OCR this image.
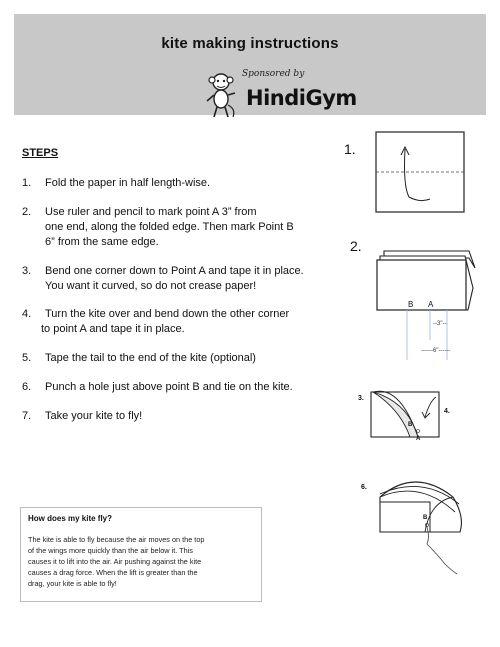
kite making instructions
Sponsored by
HindiGym
STEPS
1. Fold the paper in half length-wise.
2. Use ruler and pencil to mark point A 3” from
one end, along the folded edge. Then mark Point B
6” from the same edge.
3. Bend one corner down to Point A and tape it in place.
You want it curved, so do not crease paper!
4. Turn the kite over and bend down the other corner
to point A and tape it in place.
5. Tape the tail to the end of the kite (optional)
6. Punch a hole just above point B and tie on the kite.
7. Take your kite to fly!
1.
2.
B A
--3"--
------6"------
3.
4.
B
A
6.
B
How does my kite fly?
The kite is able to fly because the air moves on the top
of the wings more quickly than the air below it. This
causes it to lift into the air. Air pushing against the kite
causes a drag force. When the lift is greater than the
drag, your kite is able to fly!
